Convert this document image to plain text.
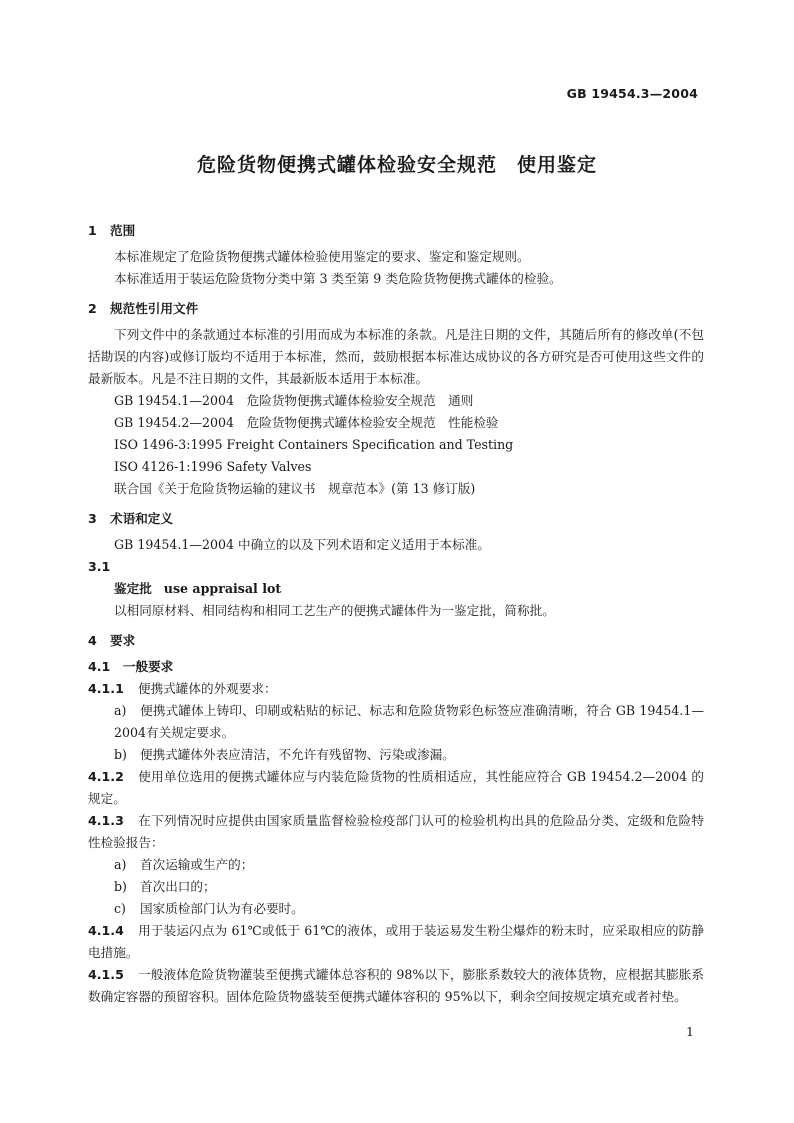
GB 19454.3—2004
危险货物便携式罐体检验安全规范　使用鉴定
1 范围
本标准规定了危险货物便携式罐体检验使用鉴定的要求、鉴定和鉴定规则。
本标准适用于装运危险货物分类中第 3 类至第 9 类危险货物便携式罐体的检验。
2 规范性引用文件
下列文件中的条款通过本标准的引用而成为本标准的条款。凡是注日期的文件，其随后所有的修改单(不包括勘误的内容)或修订版均不适用于本标准，然而，鼓励根据本标准达成协议的各方研究是否可使用这些文件的最新版本。凡是不注日期的文件，其最新版本适用于本标准。
GB 19454.1—2004　危险货物便携式罐体检验安全规范　通则
GB 19454.2—2004　危险货物便携式罐体检验安全规范　性能检验
ISO 1496-3:1995 Freight Containers Specification and Testing
ISO 4126-1:1996 Safety Valves
联合国《关于危险货物运输的建议书　规章范本》(第 13 修订版)
3 术语和定义
GB 19454.1—2004 中确立的以及下列术语和定义适用于本标准。
3.1
鉴定批 use appraisal lot
以相同原材料、相同结构和相同工艺生产的便携式罐体件为一鉴定批，简称批。
4 要求
4.1　一般要求
4.1.1 便携式罐体的外观要求：
a) 便携式罐体上铸印、印刷或粘贴的标记、标志和危险货物彩色标签应准确清晰，符合 GB 19454.1—2004有关规定要求。
b) 便携式罐体外表应清洁，不允许有残留物、污染或渗漏。
4.1.2 使用单位选用的便携式罐体应与内装危险货物的性质相适应，其性能应符合 GB 19454.2—2004 的规定。
4.1.3 在下列情况时应提供由国家质量监督检验检疫部门认可的检验机构出具的危险品分类、定级和危险特性检验报告：
a) 首次运输或生产的；
b) 首次出口的；
c) 国家质检部门认为有必要时。
4.1.4 用于装运闪点为 61℃或低于 61℃的液体，或用于装运易发生粉尘爆炸的粉末时，应采取相应的防静电措施。
4.1.5 一般液体危险货物灌装至便携式罐体总容积的 98%以下，膨胀系数较大的液体货物，应根据其膨胀系数确定容器的预留容积。固体危险货物盛装至便携式罐体容积的 95%以下，剩余空间按规定填充或者衬垫。
1
